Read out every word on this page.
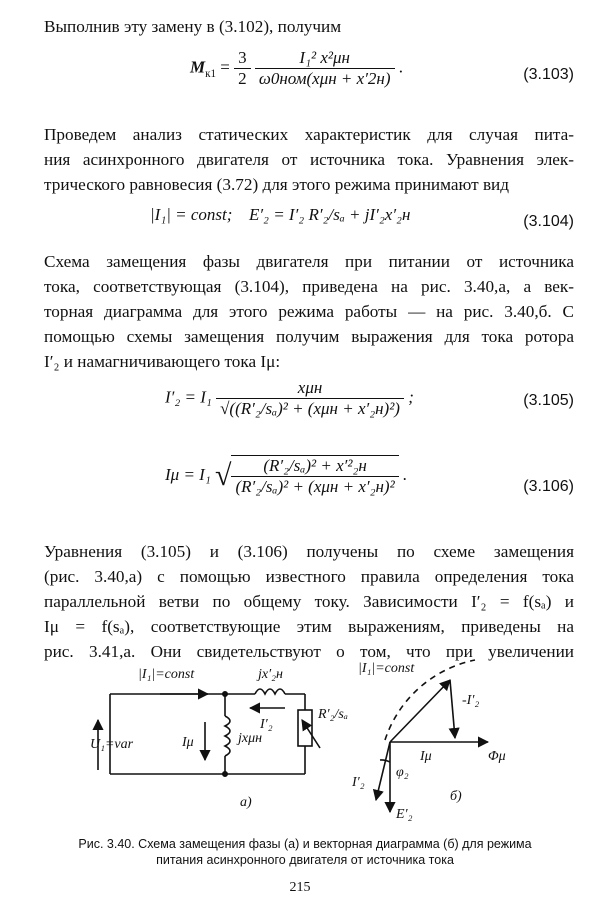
Выполнив эту замену в (3.102), получим

$M_{к1} = \frac{3}{2}$
$\frac{\text{I₁² x²μн}}{\text{ω0ном(xμн + x′2н)}}$ .	(3.103)

Проведем анализ статических характеристик для случая пита-
ния асинхронного двигателя от источника тока. Уравнения элек-
трического равновесия (3.72) для этого режима принимают вид

|I₁| = const; E′₂ = I′₂ R′₂/sₐ + jI′₂x′₂н	(3.104)

Схема замещения фазы двигателя при питании от источника
тока, соответствующая (3.104), приведена на рис. 3.40,а, а век-
торная диаграмма для этого режима работы — на рис. 3.40,б. С
помощью схемы замещения получим выражения для тока ротора
I′₂ и намагничивающего тока Iμ:

$I'_2 = I_1 \frac{\text{xμн}}{\text{√((R′₂/sₐ)² + (xμн + x′₂н)²)}}$ ;	(3.105)
Iμ = I₁ √ $\frac{\text{(R′₂/sₐ)² + x′²₂н}}{\text{(R′₂/sₐ)² + (xμн + x′₂н)²}}$ .
(3.106)

Уравнения (3.105) и (3.106) получены по схеме замещения
(рис. 3.40,а) с помощью известного правила определения тока
параллельной ветви по общему току. Зависимости I′₂ = f(sₐ) и
Iμ = f(sₐ), соответствующие этим выражениям, приведены на
рис. 3.41,а. Они свидетельствуют о том, что при увеличении

|I₁|=const	jx′₂н
I′₂
R′₂/sₐ
U₁=var	Iμ	jxμн
а)
|I₁|=const
-I′₂
φ₂
Iμ	Φμ
I′₂
E′₂
б)
Рис. 3.40. Схема замещения фазы (а) и векторная диаграмма (б) для режима
питания асинхронного двигателя от источника тока
215
